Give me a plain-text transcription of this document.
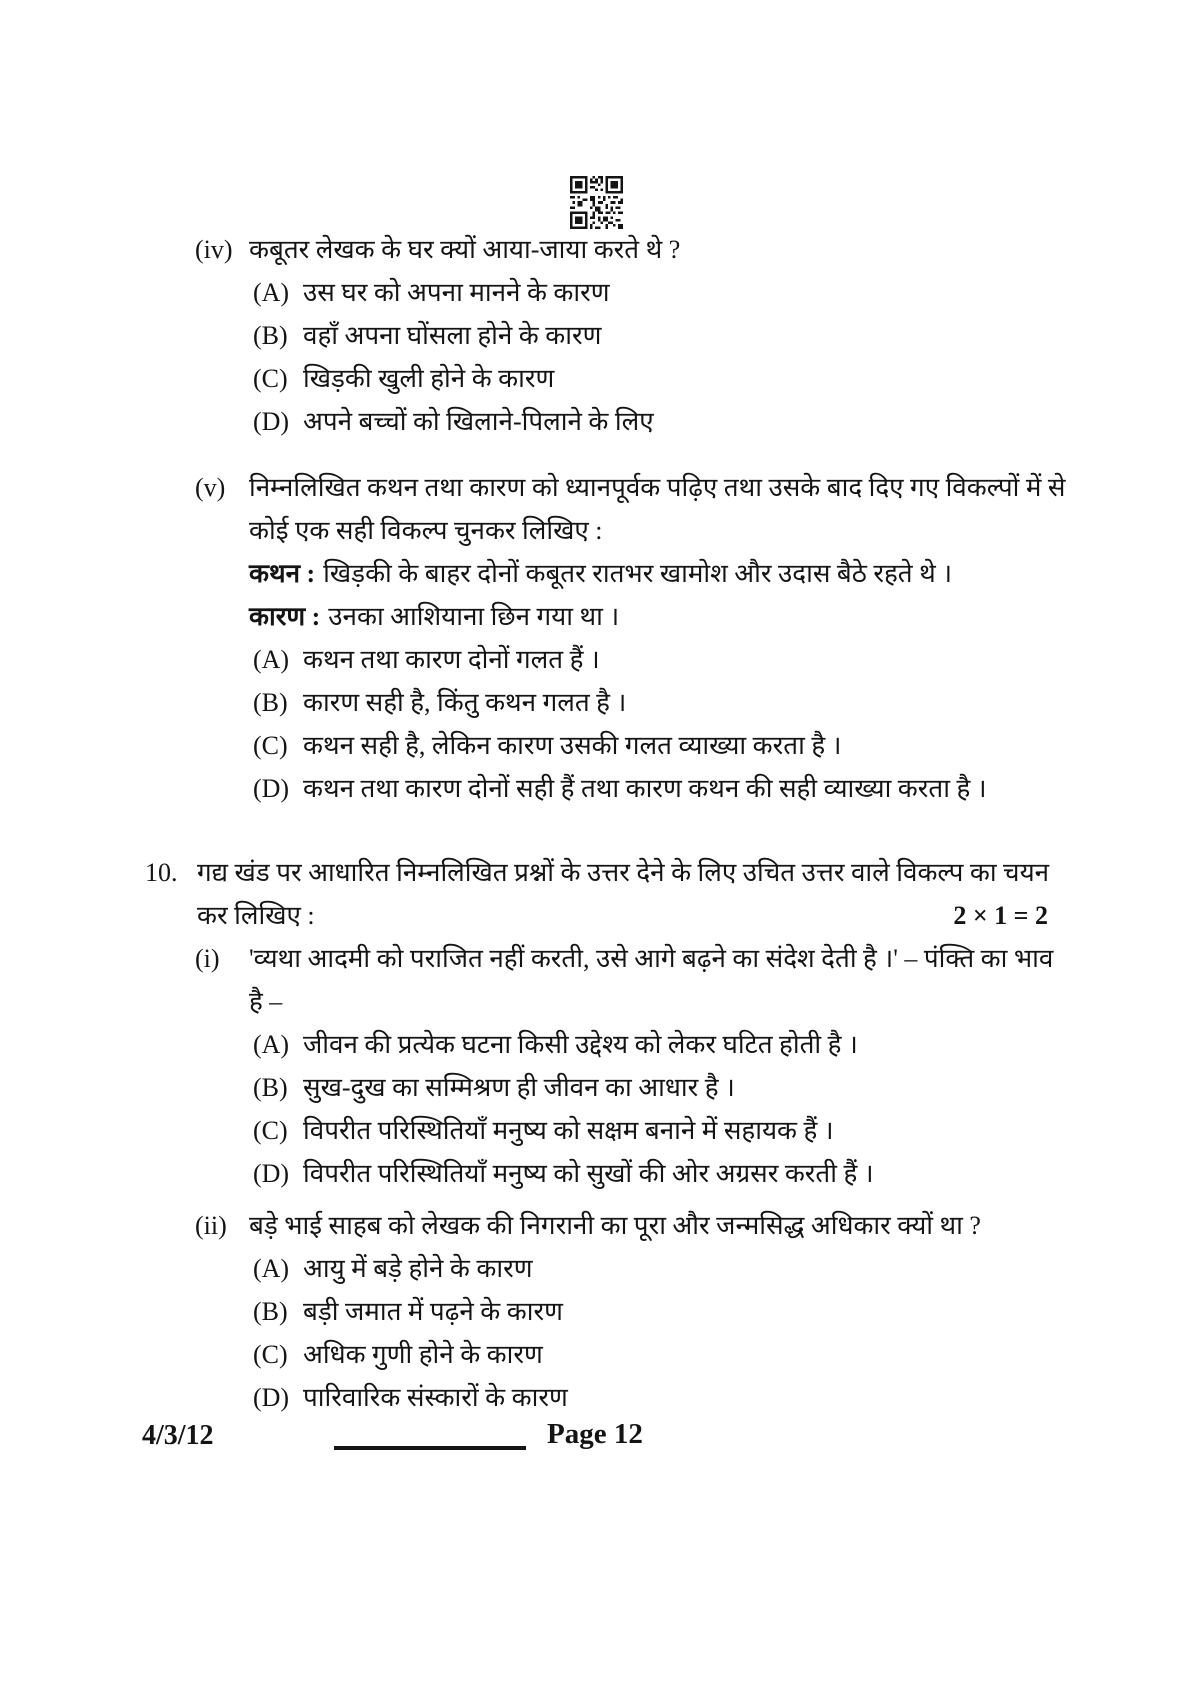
(iv) कबूतर लेखक के घर क्यों आया-जाया करते थे ?
(A) उस घर को अपना मानने के कारण
(B) वहाँ अपना घोंसला होने के कारण
(C) खिड़की खुली होने के कारण
(D) अपने बच्चों को खिलाने-पिलाने के लिए
(v) निम्नलिखित कथन तथा कारण को ध्यानपूर्वक पढ़िए तथा उसके बाद दिए गए विकल्पों में से
कोई एक सही विकल्प चुनकर लिखिए :
कथन : खिड़की के बाहर दोनों कबूतर रातभर खामोश और उदास बैठे रहते थे ।
कारण : उनका आशियाना छिन गया था ।
(A) कथन तथा कारण दोनों गलत हैं ।
(B) कारण सही है, किंतु कथन गलत है ।
(C) कथन सही है, लेकिन कारण उसकी गलत व्याख्या करता है ।
(D) कथन तथा कारण दोनों सही हैं तथा कारण कथन की सही व्याख्या करता है ।
10. गद्य खंड पर आधारित निम्नलिखित प्रश्नों के उत्तर देने के लिए उचित उत्तर वाले विकल्प का चयन
कर लिखिए :	2 × 1 = 2
(i)	'व्यथा आदमी को पराजित नहीं करती, उसे आगे बढ़ने का संदेश देती है ।' – पंक्ति का भाव
है –
(A) जीवन की प्रत्येक घटना किसी उद्देश्य को लेकर घटित होती है ।
(B) सुख-दुख का सम्मिश्रण ही जीवन का आधार है ।
(C) विपरीत परिस्थितियाँ मनुष्य को सक्षम बनाने में सहायक हैं ।
(D) विपरीत परिस्थितियाँ मनुष्य को सुखों की ओर अग्रसर करती हैं ।
(ii) बड़े भाई साहब को लेखक की निगरानी का पूरा और जन्मसिद्ध अधिकार क्यों था ?
(A) आयु में बड़े होने के कारण
(B) बड़ी जमात में पढ़ने के कारण
(C) अधिक गुणी होने के कारण
(D) पारिवारिक संस्कारों के कारण
4/3/12	Page 12
